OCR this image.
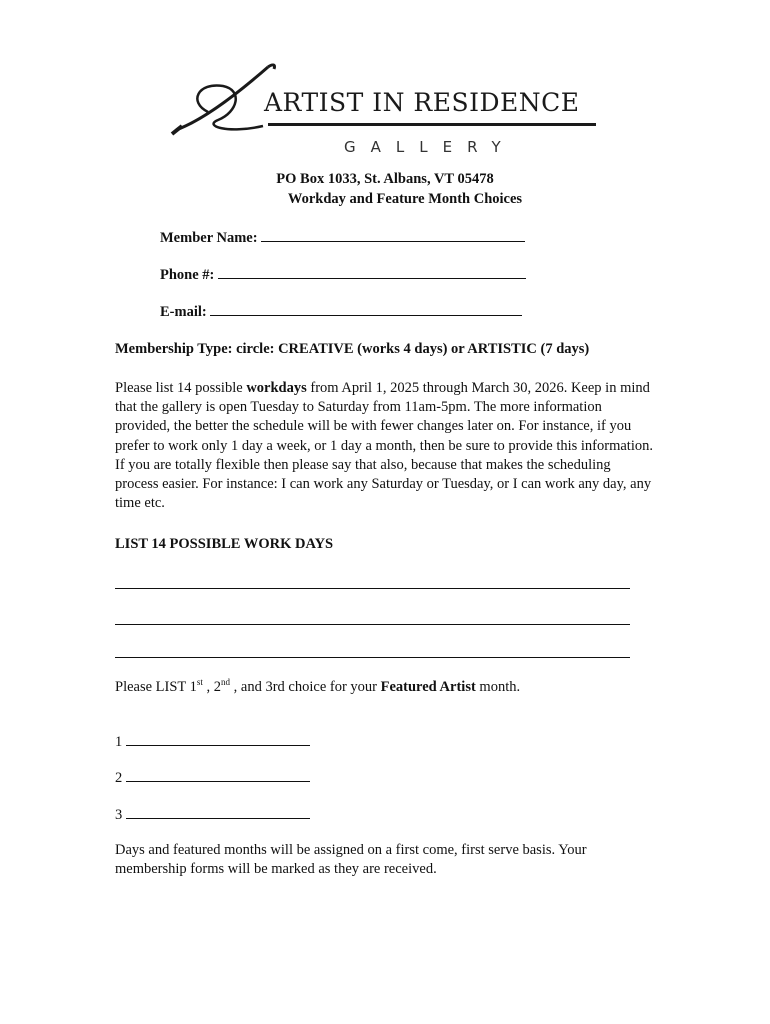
ARTIST IN RESIDENCE
GALLERY
PO Box 1033, St. Albans, VT 05478
Workday and Feature Month Choices
Member Name:
Phone #:
E-mail:
Membership Type: circle: CREATIVE (works 4 days) or ARTISTIC (7 days)
Please list 14 possible workdays from April 1, 2025 through March 30, 2026. Keep in mind that the gallery is open Tuesday to Saturday from 11am-5pm. The more information provided, the better the schedule will be with fewer changes later on. For instance, if you prefer to work only 1 day a week, or 1 day a month, then be sure to provide this information. If you are totally flexible then please say that also, because that makes the scheduling process easier. For instance: I can work any Saturday or Tuesday, or I can work any day, any time etc.
LIST 14 POSSIBLE WORK DAYS
Please LIST 1st , 2nd , and 3rd choice for your Featured Artist month.
1
2
3
Days and featured months will be assigned on a first come, first serve basis. Your membership forms will be marked as they are received.
